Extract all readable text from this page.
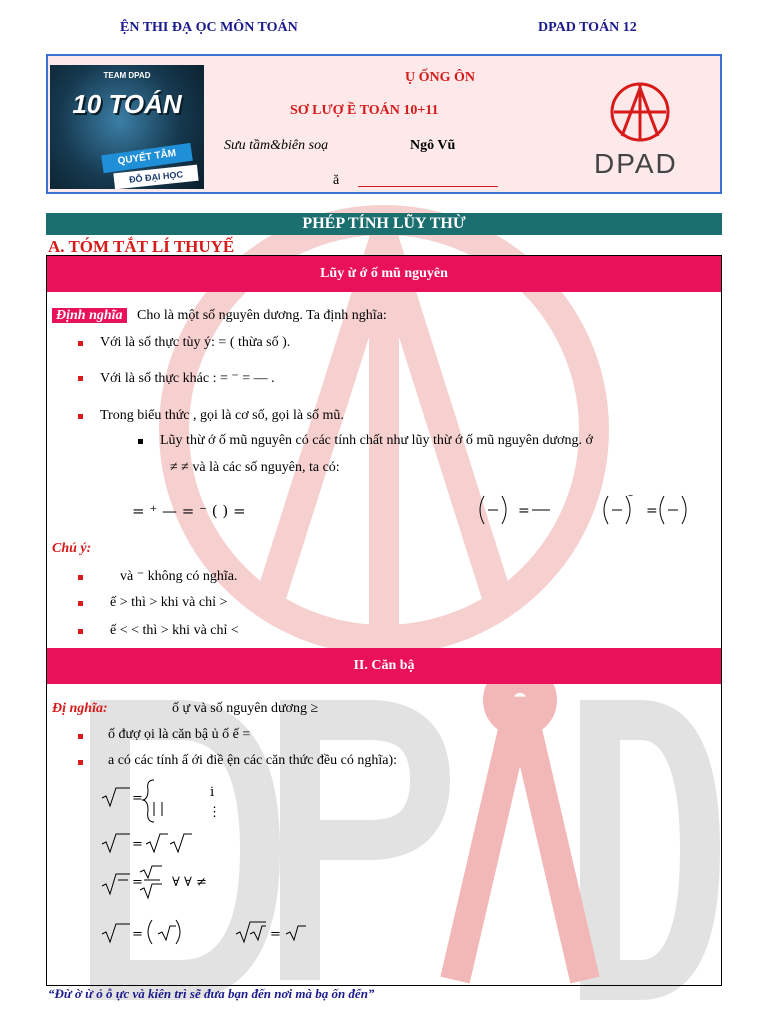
ỆN THI ĐẠ ỌC MÔN TOÁN	DPAD TOÁN 12
TEAM DPAD
10 TOÁN
QUYẾT TÂM
ĐỖ ĐẠI HỌC
Ụ ỐNG ÔN
SƠ LƯỢ Ề TOÁN 10+11
Sưu tầm&biên soạ	Ngô Vũ
ă
DPAD
PHÉP TÍNH LŨY THỪ
A. TÓM TẮT LÍ THUYẾ
Lũy ừ ớ ố mũ nguyên
Định nghĩa Cho là một số nguyên dương. Ta định nghĩa:
Với là số thực tùy ý: = ( thừa số ).
Với là số thực khác : = ⁻ = — .
Trong biểu thức , gọi là cơ số, gọi là số mũ.
Lũy thừ ớ ố mũ nguyên có các tính chất như lũy thừ ớ ố mũ nguyên dương. ớ
≠ ≠ và là các số nguyên, ta có:
= ⁺ — = ⁻ ( ) =	=
–
=
Chú ý:
và ⁻ không có nghĩa.
ế > thì > khi và chỉ >
ế < < thì > khi và chỉ <
II. Căn bậ
Đị nghĩa:	ố ự và số nguyên dương ≥
ố đượ ọi là căn bậ ủ ố ế =
a có các tính ấ ới điề ện các căn thức đều có nghĩa):
=	i
⋮
=
= ∀ ∀ ≠
=	=
“Đừ ờ ừ ỏ ỗ ực và kiên trì sẽ đưa bạn đến nơi mà bạ ốn đến”
